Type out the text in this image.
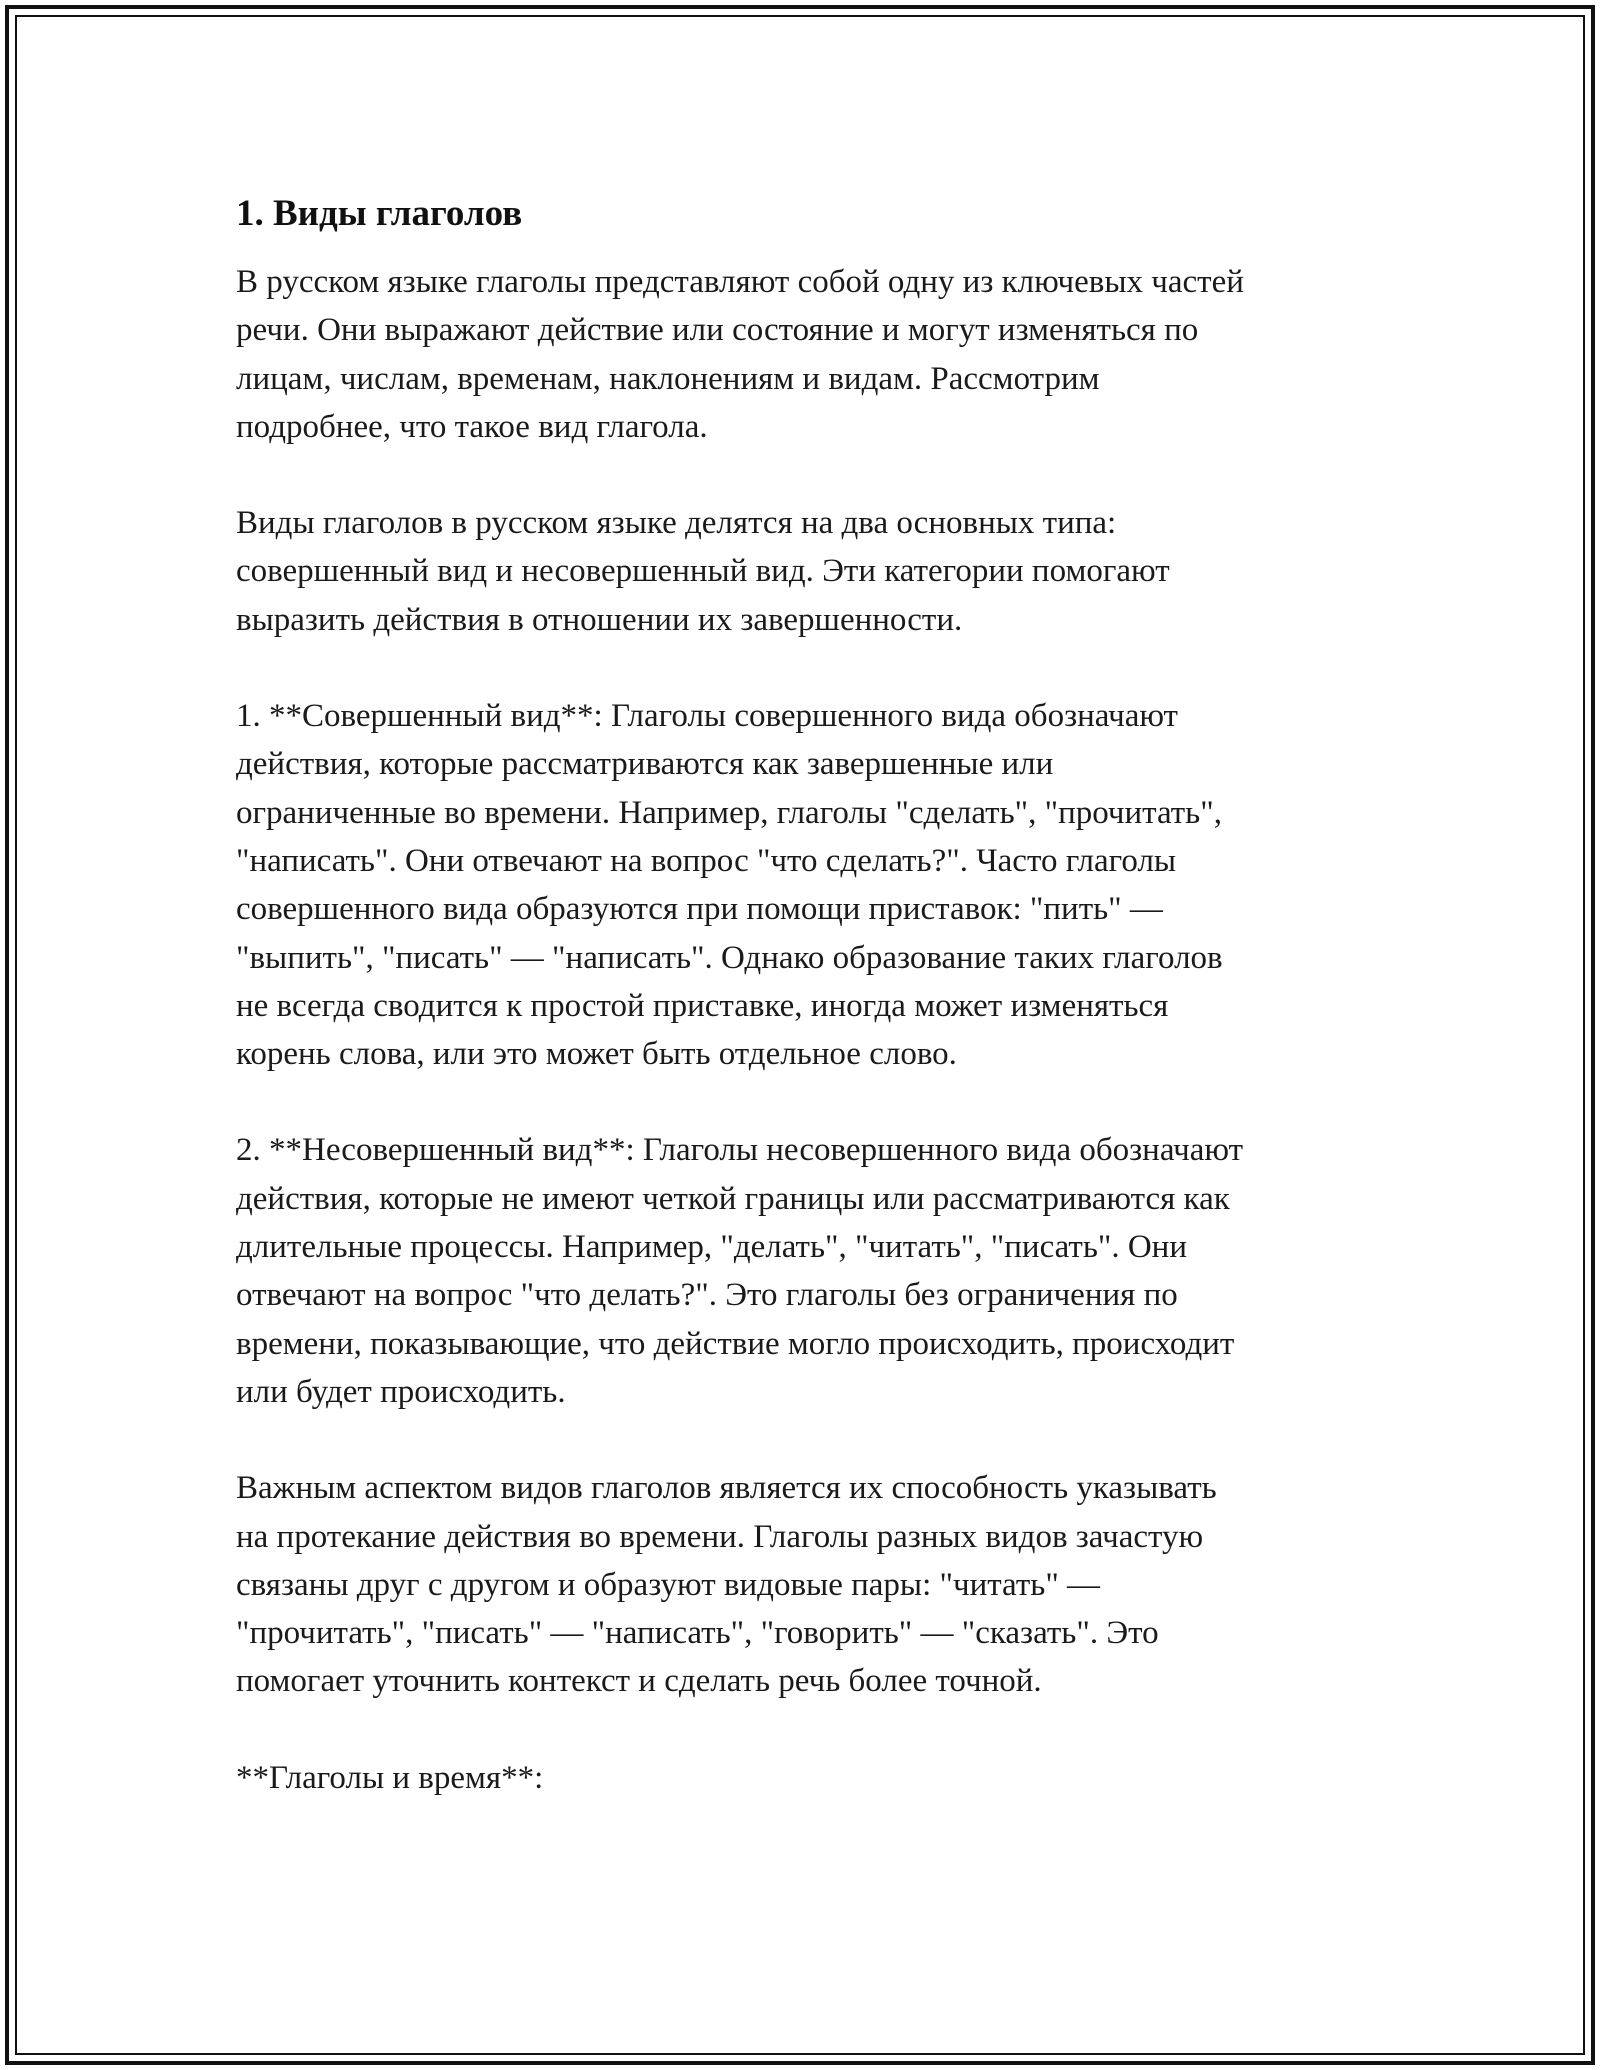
1. Виды глаголов

В русском языке глаголы представляют собой одну из ключевых частей
речи. Они выражают действие или состояние и могут изменяться по
лицам, числам, временам, наклонениям и видам. Рассмотрим
подробнее, что такое вид глагола.

Виды глаголов в русском языке делятся на два основных типа:
совершенный вид и несовершенный вид. Эти категории помогают
выразить действия в отношении их завершенности.

1. **Совершенный вид**: Глаголы совершенного вида обозначают
действия, которые рассматриваются как завершенные или
ограниченные во времени. Например, глаголы "сделать", "прочитать",
"написать". Они отвечают на вопрос "что сделать?". Часто глаголы
совершенного вида образуются при помощи приставок: "пить" —
"выпить", "писать" — "написать". Однако образование таких глаголов
не всегда сводится к простой приставке, иногда может изменяться
корень слова, или это может быть отдельное слово.

2. **Несовершенный вид**: Глаголы несовершенного вида обозначают
действия, которые не имеют четкой границы или рассматриваются как
длительные процессы. Например, "делать", "читать", "писать". Они
отвечают на вопрос "что делать?". Это глаголы без ограничения по
времени, показывающие, что действие могло происходить, происходит
или будет происходить.

Важным аспектом видов глаголов является их способность указывать
на протекание действия во времени. Глаголы разных видов зачастую
связаны друг с другом и образуют видовые пары: "читать" —
"прочитать", "писать" — "написать", "говорить" — "сказать". Это
помогает уточнить контекст и сделать речь более точной.

**Глаголы и время**:
